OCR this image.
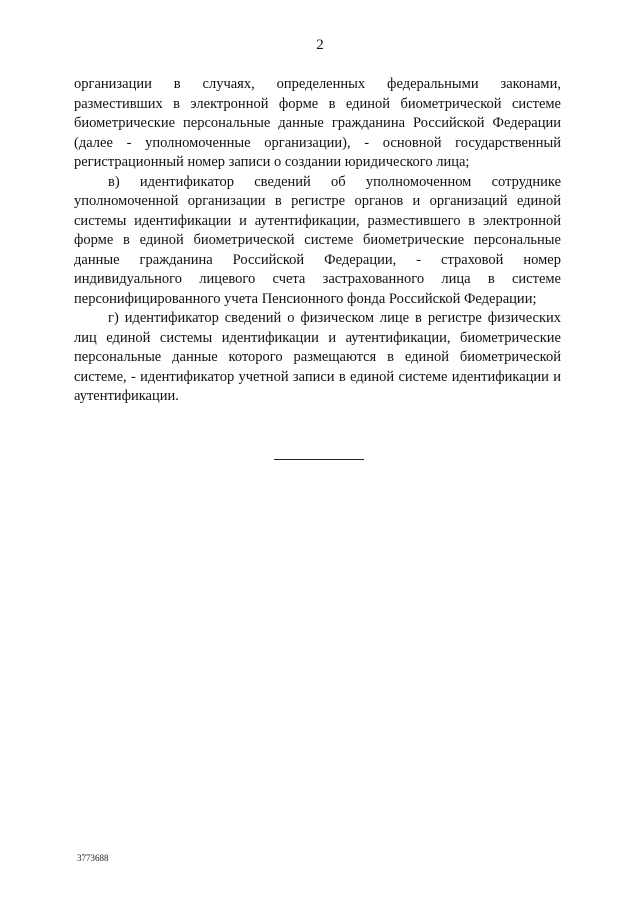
2

организации в случаях, определенных федеральными законами, разместивших в электронной форме в единой биометрической системе биометрические персональные данные гражданина Российской Федерации (далее - уполномоченные организации), - основной государственный регистрационный номер записи о создании юридического лица;

в) идентификатор сведений об уполномоченном сотруднике уполномоченной организации в регистре органов и организаций единой системы идентификации и аутентификации, разместившего в электронной форме в единой биометрической системе биометрические персональные данные гражданина Российской Федерации, - страховой номер индивидуального лицевого счета застрахованного лица в системе персонифицированного учета Пенсионного фонда Российской Федерации;

г) идентификатор сведений о физическом лице в регистре физических лиц единой системы идентификации и аутентификации, биометрические персональные данные которого размещаются в единой биометрической системе, - идентификатор учетной записи в единой системе идентификации и аутентификации.

3773688
